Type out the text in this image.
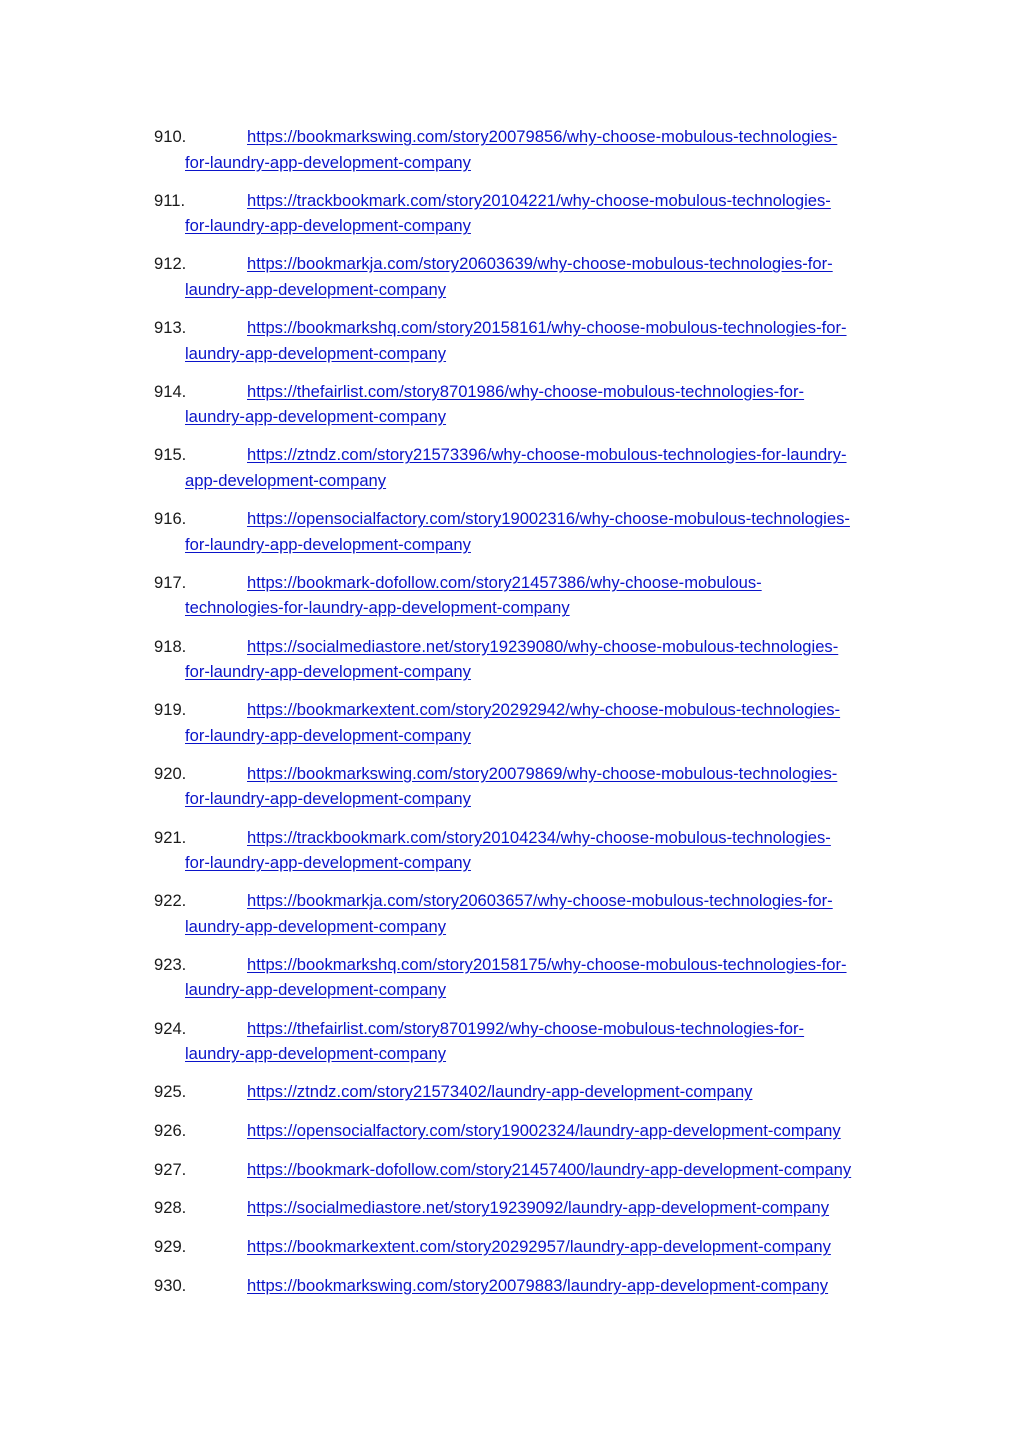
910.	https://bookmarkswing.com/story20079856/why-choose-mobulous-technologies-
for-laundry-app-development-company
911.	https://trackbookmark.com/story20104221/why-choose-mobulous-technologies-
for-laundry-app-development-company
912.	https://bookmarkja.com/story20603639/why-choose-mobulous-technologies-for-
laundry-app-development-company
913.	https://bookmarkshq.com/story20158161/why-choose-mobulous-technologies-for-
laundry-app-development-company
914.	https://thefairlist.com/story8701986/why-choose-mobulous-technologies-for-
laundry-app-development-company
915.	https://ztndz.com/story21573396/why-choose-mobulous-technologies-for-laundry-
app-development-company
916.	https://opensocialfactory.com/story19002316/why-choose-mobulous-technologies-
for-laundry-app-development-company
917.	https://bookmark-dofollow.com/story21457386/why-choose-mobulous-
technologies-for-laundry-app-development-company
918.	https://socialmediastore.net/story19239080/why-choose-mobulous-technologies-
for-laundry-app-development-company
919.	https://bookmarkextent.com/story20292942/why-choose-mobulous-technologies-
for-laundry-app-development-company
920.	https://bookmarkswing.com/story20079869/why-choose-mobulous-technologies-
for-laundry-app-development-company
921.	https://trackbookmark.com/story20104234/why-choose-mobulous-technologies-
for-laundry-app-development-company
922.	https://bookmarkja.com/story20603657/why-choose-mobulous-technologies-for-
laundry-app-development-company
923.	https://bookmarkshq.com/story20158175/why-choose-mobulous-technologies-for-
laundry-app-development-company
924.	https://thefairlist.com/story8701992/why-choose-mobulous-technologies-for-
laundry-app-development-company
925.	https://ztndz.com/story21573402/laundry-app-development-company
926.	https://opensocialfactory.com/story19002324/laundry-app-development-company
927.	https://bookmark-dofollow.com/story21457400/laundry-app-development-company
928.	https://socialmediastore.net/story19239092/laundry-app-development-company
929.	https://bookmarkextent.com/story20292957/laundry-app-development-company
930.	https://bookmarkswing.com/story20079883/laundry-app-development-company
